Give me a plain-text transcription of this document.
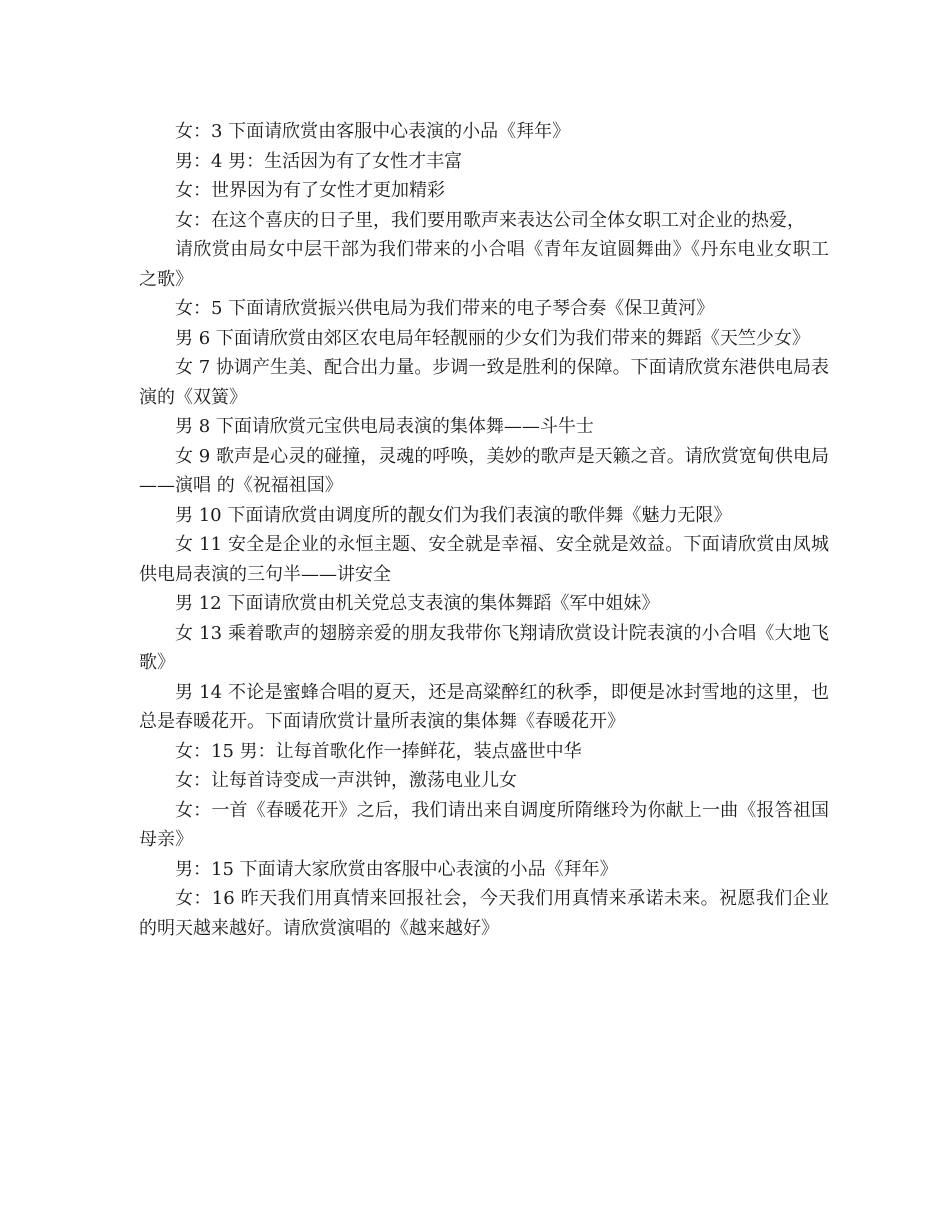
女：3 下面请欣赏由客服中心表演的小品《拜年》

男：4 男：生活因为有了女性才丰富

女：世界因为有了女性才更加精彩

女：在这个喜庆的日子里，我们要用歌声来表达公司全体女职工对企业的热爱，

请欣赏由局女中层干部为我们带来的小合唱《青年友谊圆舞曲》《丹东电业女职工之歌》

女：5 下面请欣赏振兴供电局为我们带来的电子琴合奏《保卫黄河》

男 6 下面请欣赏由郊区农电局年轻靓丽的少女们为我们带来的舞蹈《天竺少女》

女 7 协调产生美、配合出力量。步调一致是胜利的保障。下面请欣赏东港供电局表演的《双簧》

男 8 下面请欣赏元宝供电局表演的集体舞——斗牛士

女 9 歌声是心灵的碰撞，灵魂的呼唤，美妙的歌声是天籁之音。请欣赏宽甸供电局——演唱 的《祝福祖国》

男 10 下面请欣赏由调度所的靓女们为我们表演的歌伴舞《魅力无限》

女 11 安全是企业的永恒主题、安全就是幸福、安全就是效益。下面请欣赏由凤城供电局表演的三句半——讲安全

男 12 下面请欣赏由机关党总支表演的集体舞蹈《军中姐妹》

女 13 乘着歌声的翅膀亲爱的朋友我带你飞翔请欣赏设计院表演的小合唱《大地飞歌》

男 14 不论是蜜蜂合唱的夏天，还是高粱醉红的秋季，即便是冰封雪地的这里，也总是春暖花开。下面请欣赏计量所表演的集体舞《春暖花开》

女：15 男：让每首歌化作一捧鲜花，装点盛世中华

女：让每首诗变成一声洪钟，激荡电业儿女

女：一首《春暖花开》之后，我们请出来自调度所隋继玲为你献上一曲《报答祖国母亲》

男：15 下面请大家欣赏由客服中心表演的小品《拜年》

女：16 昨天我们用真情来回报社会，今天我们用真情来承诺未来。祝愿我们企业的明天越来越好。请欣赏演唱的《越来越好》
